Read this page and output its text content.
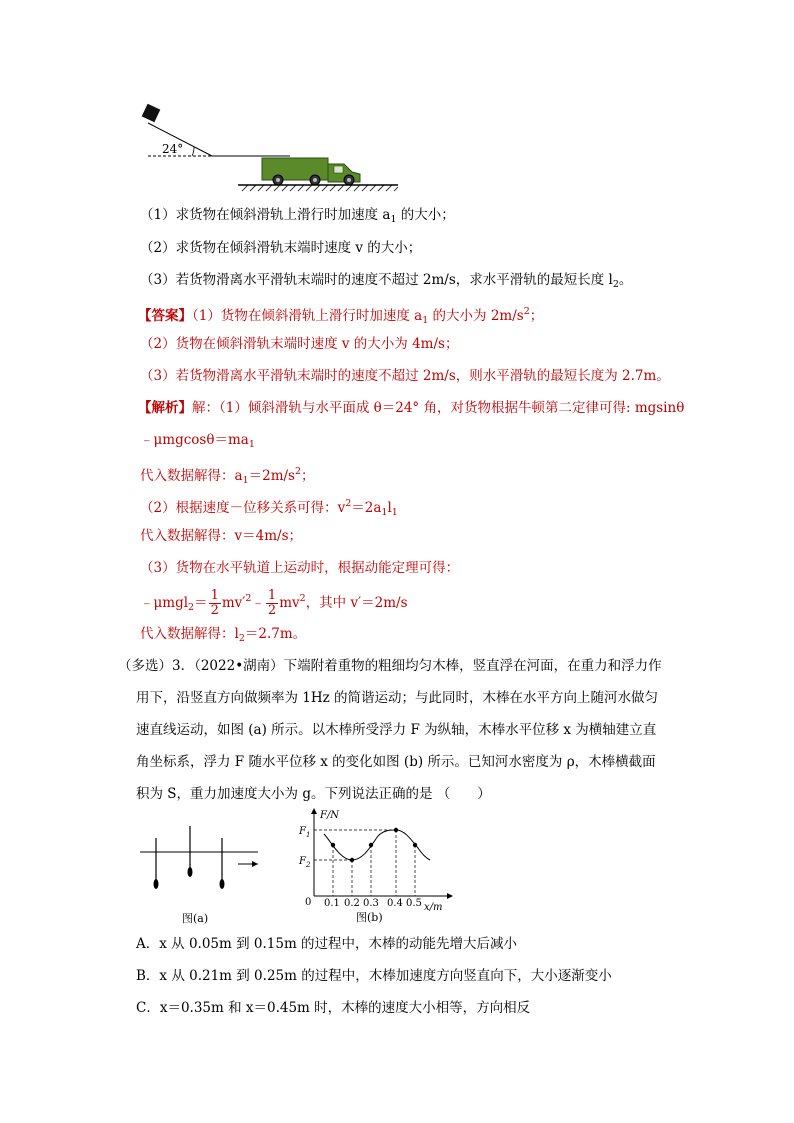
24°
（1）求货物在倾斜滑轨上滑行时加速度 $a_1$ 的大小；
（2）求货物在倾斜滑轨末端时速度 v 的大小；
（3）若货物滑离水平滑轨末端时的速度不超过 2m/s，求水平滑轨的最短长度 $l_2$。
【答案】（1）货物在倾斜滑轨上滑行时加速度 $a_1$ 的大小为 $2m/s^2$；
（2）货物在倾斜滑轨末端时速度 v 的大小为 4m/s；
（3）若货物滑离水平滑轨末端时的速度不超过 2m/s，则水平滑轨的最短长度为 2.7m。
【解析】解：（1）倾斜滑轨与水平面成 θ＝24° 角，对货物根据牛顿第二定律可得: mgsinθ
$﹣\mu mgcos\theta=ma_1$
代入数据解得：$a_1=2m/s^2$；
（2）根据速度－位移关系可得：$v^2=2a_1l_1$
代入数据解得：v＝4m/s；
（3）货物在水平轨道上运动时，根据动能定理可得：
﹣μmgl$_2$＝ $\frac{1}{2}$ $mv'^2﹣ \frac{1}{2} mv^2$，其中 v′＝2m/s
代入数据解得：$l_2=2.7m$。
（多选）3．（2022•湖南）下端附着重物的粗细均匀木棒，竖直浮在河面，在重力和浮力作
用下，沿竖直方向做频率为 1Hz 的简谐运动；与此同时，木棒在水平方向上随河水做匀
速直线运动，如图 (a) 所示。以木棒所受浮力 F 为纵轴，木棒水平位移 x 为横轴建立直
角坐标系，浮力 F 随水平位移 x 的变化如图 (b) 所示。已知河水密度为 ρ，木棒横截面
积为 S，重力加速度大小为 g。下列说法正确的是 （　　）
图(a)
F/N
x/m
0
$F_1$
$F_2$
0.1 0.2 0.3 0.4 0.5
图(b)
A．x 从 0.05m 到 0.15m 的过程中，木棒的动能先增大后减小
B．x 从 0.21m 到 0.25m 的过程中，木棒加速度方向竖直向下，大小逐渐变小
C．x＝0.35m 和 x＝0.45m 时，木棒的速度大小相等，方向相反
